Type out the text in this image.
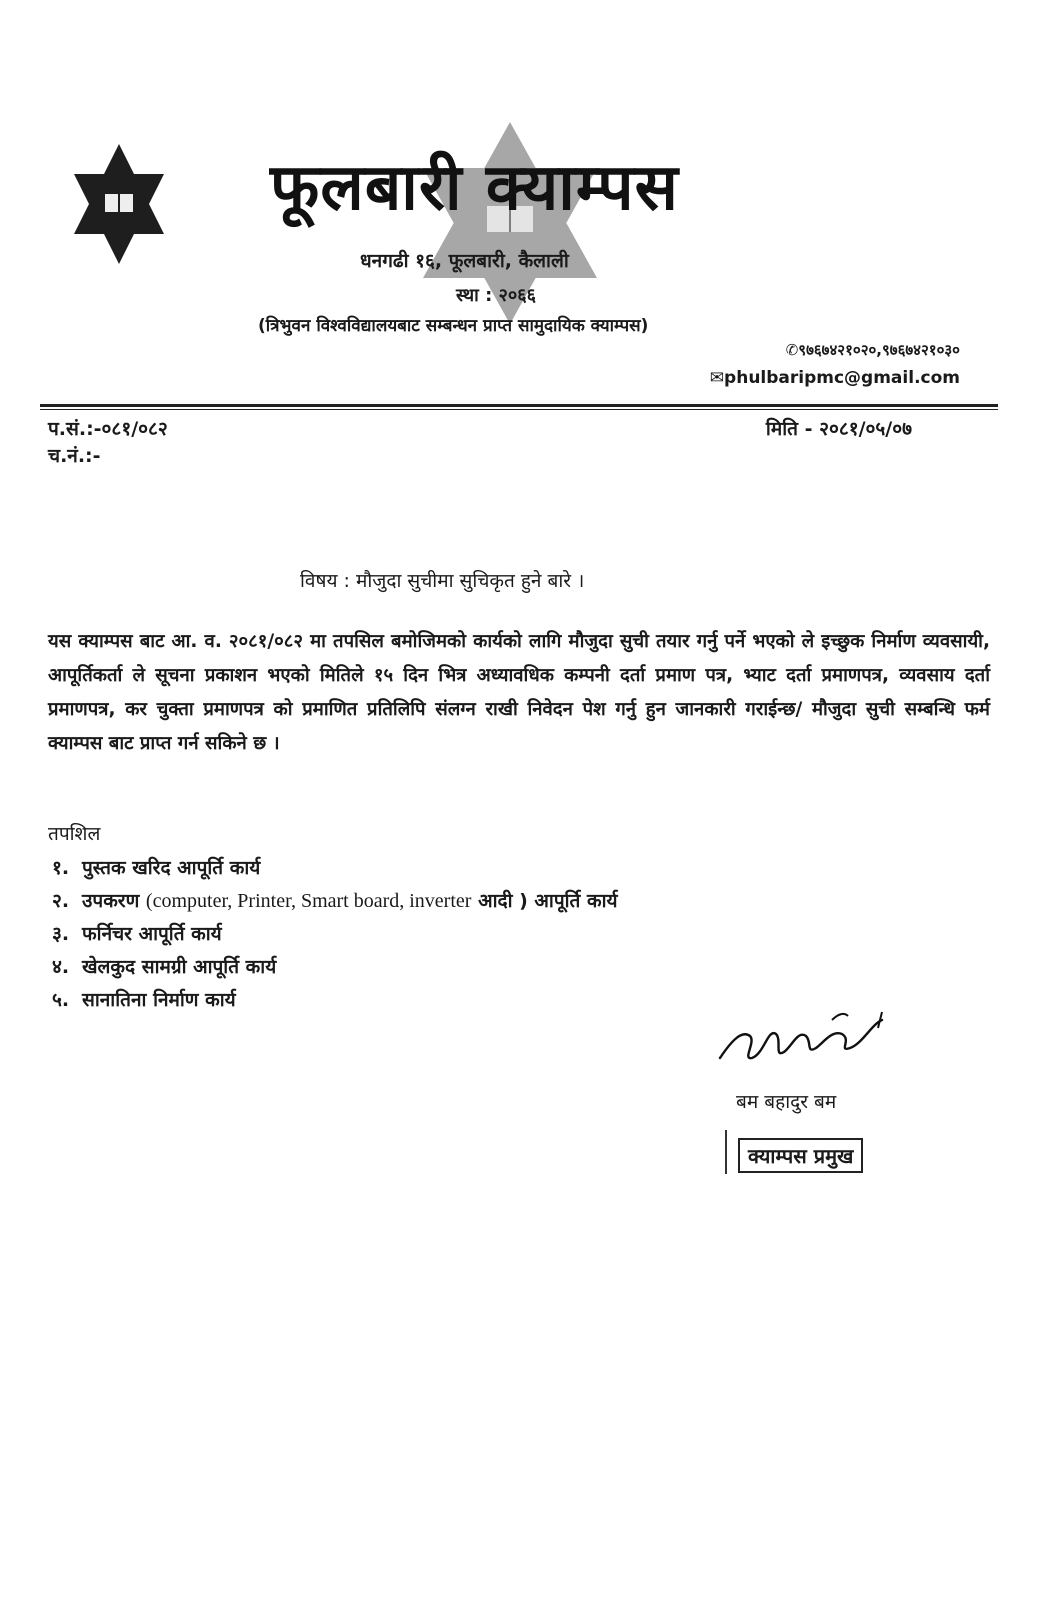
फूलबारी क्याम्पस
धनगढी १६, फूलबारी, कैलाली
स्था : २०६६
(त्रिभुवन विश्वविद्यालयबाट सम्बन्धन प्राप्त सामुदायिक क्याम्पस)
✆९७६७४२१०२०,९७६७४२१०३०
✉phulbaripmc@gmail.com
प.सं.:-०८१/०८२
च.नं.:-
मिति - २०८१/०५/०७
विषय : मौजुदा सुचीमा सुचिकृत हुने बारे ।
यस क्याम्पस बाट आ. व. २०८१/०८२ मा तपसिल बमोजिमको कार्यको लागि मौजुदा सुची तयार गर्नु पर्ने भएको ले इच्छुक निर्माण व्यवसायी, आपूर्तिकर्ता ले सूचना प्रकाशन भएको मितिले १५ दिन भित्र अध्यावधिक कम्पनी दर्ता प्रमाण पत्र, भ्याट दर्ता प्रमाणपत्र, व्यवसाय दर्ता प्रमाणपत्र, कर चुक्ता प्रमाणपत्र को प्रमाणित प्रतिलिपि संलग्न राखी निवेदन पेश गर्नु हुन जानकारी गराईन्छ/ मौजुदा सुची सम्बन्धि फर्म क्याम्पस बाट प्राप्त गर्न सकिने छ ।
तपशिल
१. पुस्तक खरिद आपूर्ति कार्य
२. उपकरण (computer, Printer, Smart board, inverter आदी ) आपूर्ति कार्य
३. फर्निचर आपूर्ति कार्य
४. खेलकुद सामग्री आपूर्ति कार्य
५. सानातिना निर्माण कार्य
बम बहादुर बम
क्याम्पस प्रमुख
